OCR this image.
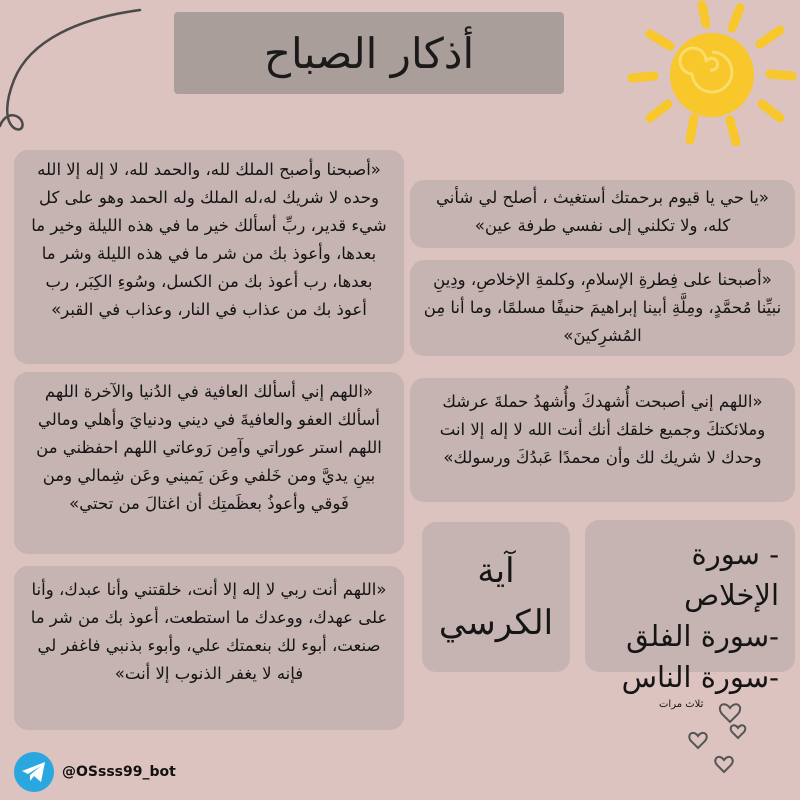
أذكار الصباح
«يا حي يا قيوم برحمتك أستغيث ، أصلح لي شأني كله، ولا تكلني إلى نفسي طرفة عين»
«أصبحنا على فِطرةِ الإسلامِ، وكلمةِ الإخلاصِ، ودِينِ نبيِّنا مُحمَّدٍ، ومِلَّةِ أبينا إبراهيمَ حنيفًا مسلمًا، وما أنا مِن المُشرِكينَ»
«اللهم إني أصبحت أُشهدكَ وأُشهدُ حملةَ عرشك وملائكتكَ وجميع خلقك أنك أنت الله لا إله إلا انت وحدك لا شريك لك وأن محمدًا عَبدُكَ ورسولك»
- سورة الإخلاص
-سورة الفلق
-سورة الناس
ثلاث مرات
آية
الكرسي
«أصبحنا وأصبح الملك لله، والحمد لله، لا إله إلا الله وحده لا شريك له،له الملك وله الحمد وهو على كل شيء قدير، ربِّ أسألك خير ما في هذه الليلة وخير ما بعدها، وأعوذ بك من شر ما في هذه الليلة وشر ما بعدها، رب أعوذ بك من الكسل، وسُوءِ الكِبَر، رب أعوذ بك من عذاب في النار، وعذاب في القبر»
«اللهم إني أسألك العافية في الدُنيا والآخرة اللهم أسألك العفو والعافيةَ في ديني ودنيايَ وأهلي ومالي اللهم استر عوراتي وآمِن رَوعاتي اللهم احفظني من بينِ يديَّ ومن خَلفي وعَن يَميني وعَن شِمالي ومن فَوقي وأعوذُ بعظَمتِك أن اغتالَ من تحتي»
«اللهم أنت ربي لا إله إلا أنت، خلقتني وأنا عبدك، وأنا على عهدك، ووعدك ما استطعت، أعوذ بك من شر ما صنعت، أبوء لك بنعمتك علي، وأبوء بذنبي فاغفر لي فإنه لا يغفر الذنوب إلا أنت»
@OSsss99_bot
